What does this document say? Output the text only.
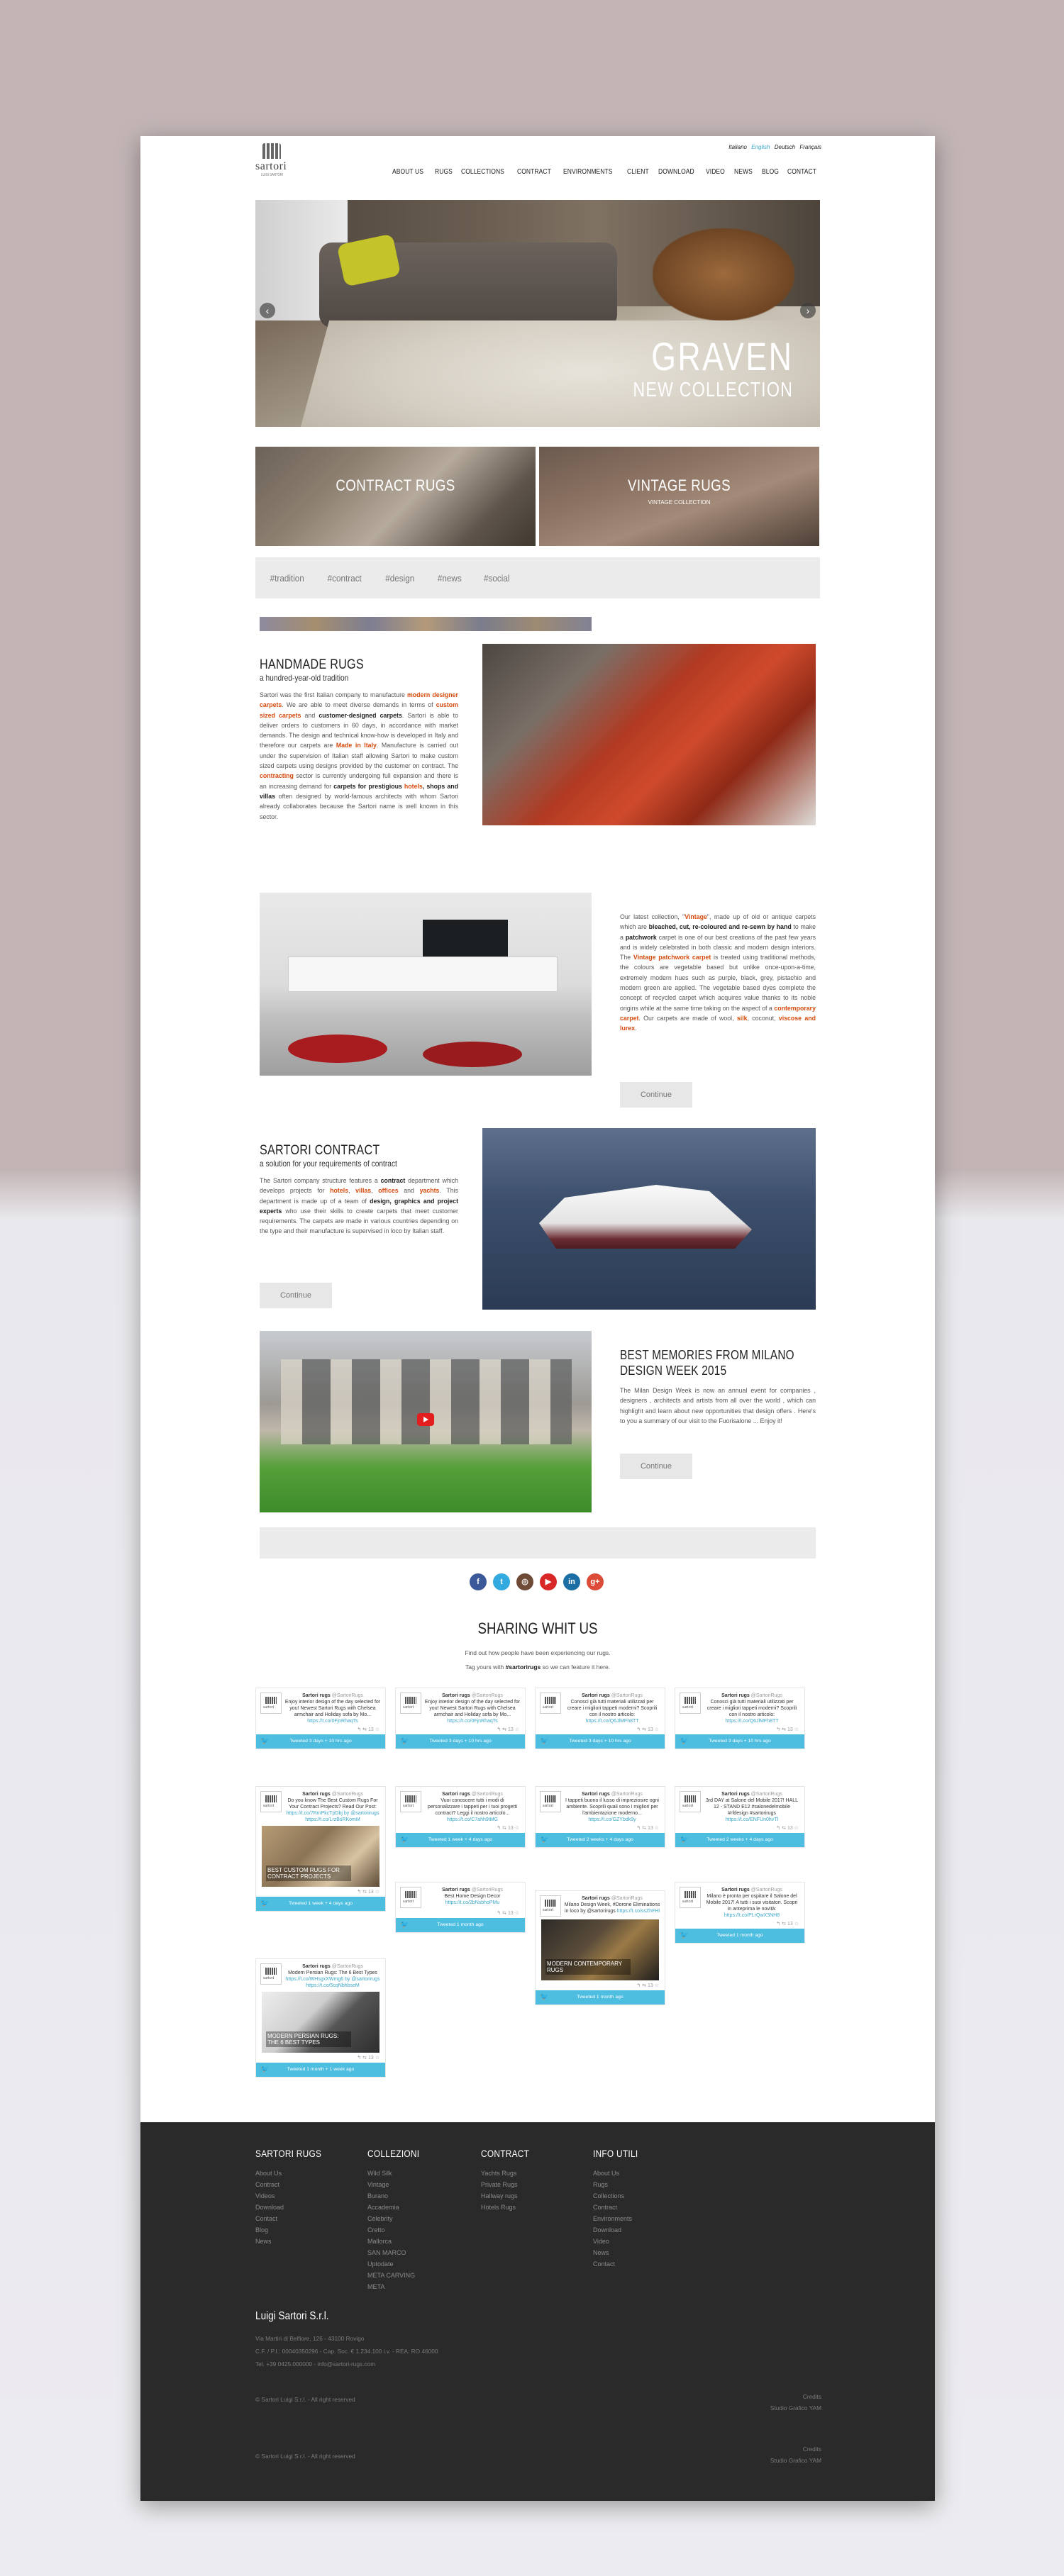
Italiano English Deutsch Français
sartori
LUIGI SARTORI	ABOUT US RUGS COLLECTIONS CONTRACT ENVIRONMENTS CLIENT DOWNLOAD VIDEO NEWS BLOG CONTACT
GRAVEN
NEW COLLECTION
‹	›
CONTRACT RUGS	VINTAGE RUGS
VINTAGE COLLECTION
#tradition	#contract	#design #news #social
HANDMADE RUGS
a hundred-year-old tradition

Sartori was the first Italian company to manufacture modern designer carpets. We are able to meet diverse demands in terms of custom sized carpets and customer-designed carpets. Sartori is able to deliver orders to customers in 60 days, in accordance with market demands. The design and technical know-how is developed in Italy and therefore our carpets are Made in Italy. Manufacture is carried out under the supervision of Italian staff allowing Sartori to make custom sized carpets using designs provided by the customer on contract. The contracting sector is currently undergoing full expansion and there is an increasing demand for carpets for prestigious hotels, shops and villas often designed by world-famous architects with whom Sartori already collaborates because the Sartori name is well known in this sector.

Our latest collection, "Vintage", made up of old or antique carpets which are bleached, cut, re-coloured and re-sewn by hand to make a patchwork carpet is one of our best creations of the past few years and is widely celebrated in both classic and modern design interiors. The Vintage patchwork carpet is treated using traditional methods, the colours are vegetable based but unlike once-upon-a-time, extremely modern hues such as purple, black, grey, pistachio and modern green are applied. The vegetable based dyes complete the concept of recycled carpet which acquires value thanks to its noble origins while at the same time taking on the aspect of a contemporary carpet. Our carpets are made of wool, silk, coconut, viscose and lurex.

Continue
SARTORI CONTRACT
a solution for your requirements of contract

The Sartori company structure features a contract department which develops projects for hotels, villas, offices and yachts. This department is made up of a team of design, graphics and project experts who use their skills to create carpets that meet customer requirements. The carpets are made in various countries depending on the type and their manufacture is supervised in loco by Italian staff.

Continue
BEST MEMORIES FROM MILANO DESIGN WEEK 2015

The Milan Design Week is now an annual event for companies , designers , architects and artists from all over the world , which can highlight and learn about new opportunities that design offers . Here's to you a summary of our visit to the Fuorisalone ... Enjoy it!

Continue
f	t	◎	▶	in	g+
SHARING WHIT US
Find out how people have been experiencing our rugs.
Tag yours with #sartorirugs so we can feature it here.
sartori
Sartori rugs @SartoriRugs
Enjoy interior design of the day selected for you! Newest Sartori Rugs with Chelsea armchair and Holiday sofa by Mo... https://t.co/0FjnRhaqTs
↰ ⇆ 13 ☆
🐦 Tweeted 3 days + 10 hrs ago
sartori
Sartori rugs @SartoriRugs
Enjoy interior design of the day selected for you! Newest Sartori Rugs with Chelsea armchair and Holiday sofa by Mo... https://t.co/0FjnRhaqTs
↰ ⇆ 13 ☆
🐦 Tweeted 3 days + 10 hrs ago
sartori
Sartori rugs @SartoriRugs
Conosci già tutti materiali utilizzati per creare i migliori tappeti moderni? Scoprili con il nostro articolo: https://t.co/Q6JlMFh8TT
↰ ⇆ 13 ☆
🐦 Tweeted 3 days + 10 hrs ago
sartori
Sartori rugs @SartoriRugs
Conosci già tutti materiali utilizzati per creare i migliori tappeti moderni? Scoprili con il nostro articolo: https://t.co/Q6JlMFh8TT
↰ ⇆ 13 ☆
🐦 Tweeted 3 days + 10 hrs ago
sartori
Sartori rugs @SartoriRugs
Do you know The Best Custom Rugs For Your Contract Projects? Read Our Post: https://t.co/7RmPkcTpDbj by @sartorirugs https://t.co/LrzBsRKomM
BEST CUSTOM RUGS FOR CONTRACT PROJECTS
↰ ⇆ 13 ☆
🐦 Tweeted 1 week + 4 days ago
sartori
Sartori rugs @SartoriRugs
Vuoi conoscere tutti i modi di personalizzare i tappeti per i tuoi progetti contract? Leggi il nostro articolo... https://t.co/C7ahh9tMG
↰ ⇆ 13 ☆
🐦 Tweeted 1 week + 4 days ago
sartori
Sartori rugs @SartoriRugs
I tappeti buono il lusso di impreziosire ogni ambiente. Scoprili quali sono i migliori per l'ambientazione moderno... https://t.co/GZYbdk9y
↰ ⇆ 13 ☆
🐦 Tweeted 2 weeks + 4 days ago
sartori
Sartori rugs @SartoriRugs
3rd DAY at Salone del Mobile 2017! HALL 12 - STAND E12 #salonedelmobile #rfdesign #sartorirugs https://t.co/ENFUn0hvTl
↰ ⇆ 13 ☆
🐦 Tweeted 2 weeks + 4 days ago
sartori
Sartori rugs @SartoriRugs
Best Home Design Decor https://t.co/2bNsbhoPMu
↰ ⇆ 13 ☆
🐦 Tweeted 1 month ago
sartori
Sartori rugs @SartoriRugs
Milano Design Week, #Dorone Eliminations in loco by @sartorirugs https://t.co/ssZhFHl
MODERN CONTEMPORARY RUGS
↰ ⇆ 13 ☆
🐦 Tweeted 1 month ago
sartori
Sartori rugs @SartoriRugs
Milano è pronta per ospitare il Salone del Mobile 2017! A tutti i suoi visitatori. Scopri in anteprima le novità: https://t.co/PLrQwX3NH8
↰ ⇆ 13 ☆
🐦 Tweeted 1 month ago
sartori
Sartori rugs @SartoriRugs
Modern Persian Rugs: The 6 Best Types https://t.co/WHsgxXWmg6 by @sartorirugs https://t.co/5cqNbhbseM
MODERN PERSIAN RUGS: THE 6 BEST TYPES
↰ ⇆ 13 ☆
🐦 Tweeted 1 month + 1 week ago
SARTORI RUGS
About Us
Contract
Videos
Download
Contact
Blog
News
COLLEZIONI
Wild Silk
Vintage
Burano
Accademia
Celebrity
Cretto
Mallorca
SAN MARCO
Uptodate
META CARVING
META
CONTRACT
Yachts Rugs
Private Rugs
Hallway rugs
Hotels Rugs
INFO UTILI
About Us
Rugs
Collections
Contract
Environments
Download
Video
News
Contact
Luigi Sartori S.r.l.
Via Martiri di Belfiore, 126 - 43100 Rovigo
C.F. / P.I.: 00040350296 - Cap. Soc. € 1.234.100 i.v. - REA: RO 46000
Tel. +39 0425.000000 - info@sartori-rugs.com
© Sartori Luigi S.r.l. - All right reserved	Credits
Studio Grafico YAM
© Sartori Luigi S.r.l. - All right reserved
Credits
Studio Grafico YAM
